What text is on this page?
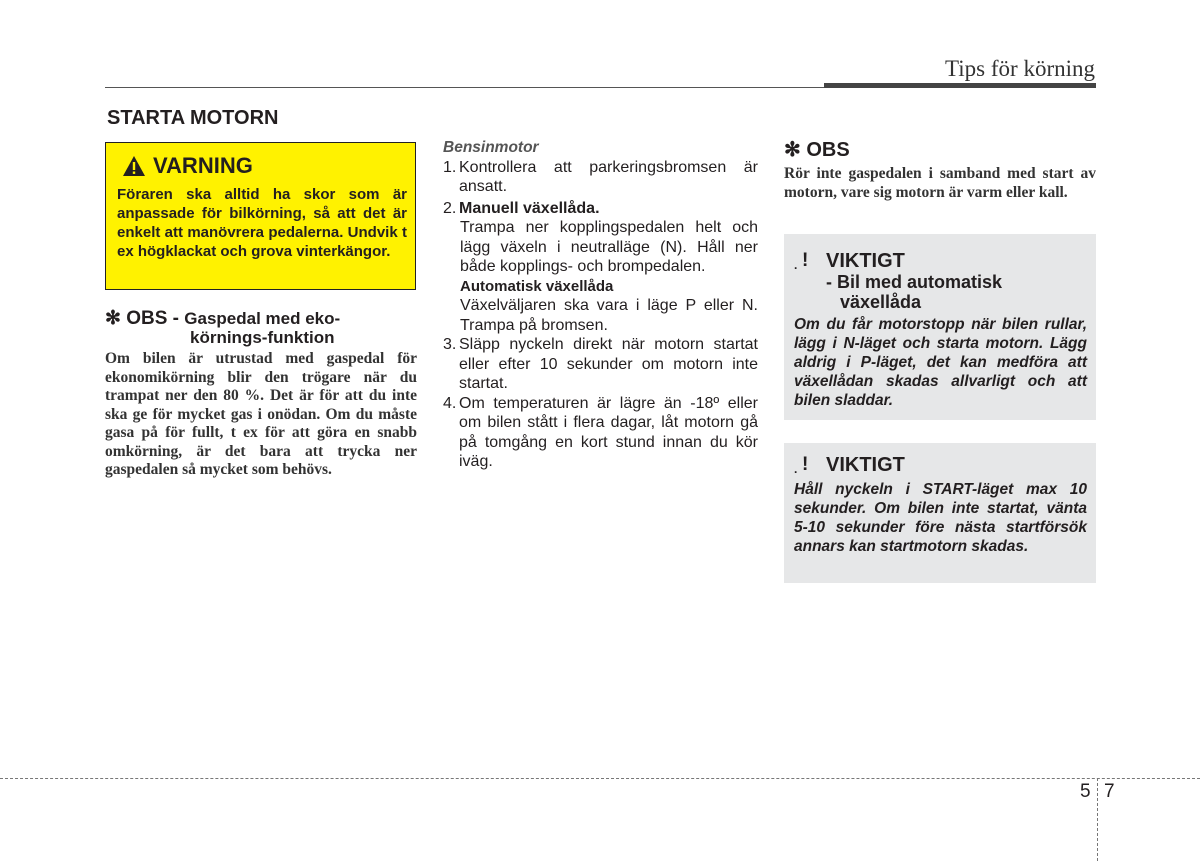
Tips för körning
STARTA MOTORN
VARNING
Föraren ska alltid ha skor som är anpassade för bilkörning, så att det är enkelt att manövrera pedalerna. Undvik t ex högklackat och grova vinterkängor.
✻ OBS - Gaspedal med eko-
körnings-funktion
Om bilen är utrustad med gaspedal för ekonomikörning blir den trögare när du trampat ner den 80 %. Det är för att du inte ska ge för mycket gas i onödan. Om du måste gasa på för fullt, t ex för att göra en snabb omkörning, är det bara att trycka ner gaspedalen så mycket som behövs.
Bensinmotor
1. Kontrollera att parkeringsbromsen är ansatt.
2. Manuell växellåda.
Trampa ner kopplingspedalen helt och lägg växeln i neutralläge (N). Håll ner både kopplings- och brompedalen.
Automatisk växellåda
Växelväljaren ska vara i läge P eller N. Trampa på bromsen.
3. Släpp nyckeln direkt när motorn startat eller efter 10 sekunder om motorn inte startat.
4. Om temperaturen är lägre än -18º eller om bilen stått i flera dagar, låt motorn gå på tomgång en kort stund innan du kör iväg.
✻ OBS
Rör inte gaspedalen i samband med start av motorn, vare sig motorn är varm eller kall.
. ! VIKTIGT
- Bil med automatisk
växellåda
Om du får motorstopp när bilen rullar, lägg i N-läget och starta motorn. Lägg aldrig i P-läget, det kan medföra att växellådan skadas allvarligt och att bilen sladdar.
. ! VIKTIGT
Håll nyckeln i START-läget max 10 sekunder. Om bilen inte startat, vänta 5-10 sekunder före nästa startförsök annars kan startmotorn skadas.
5 7
